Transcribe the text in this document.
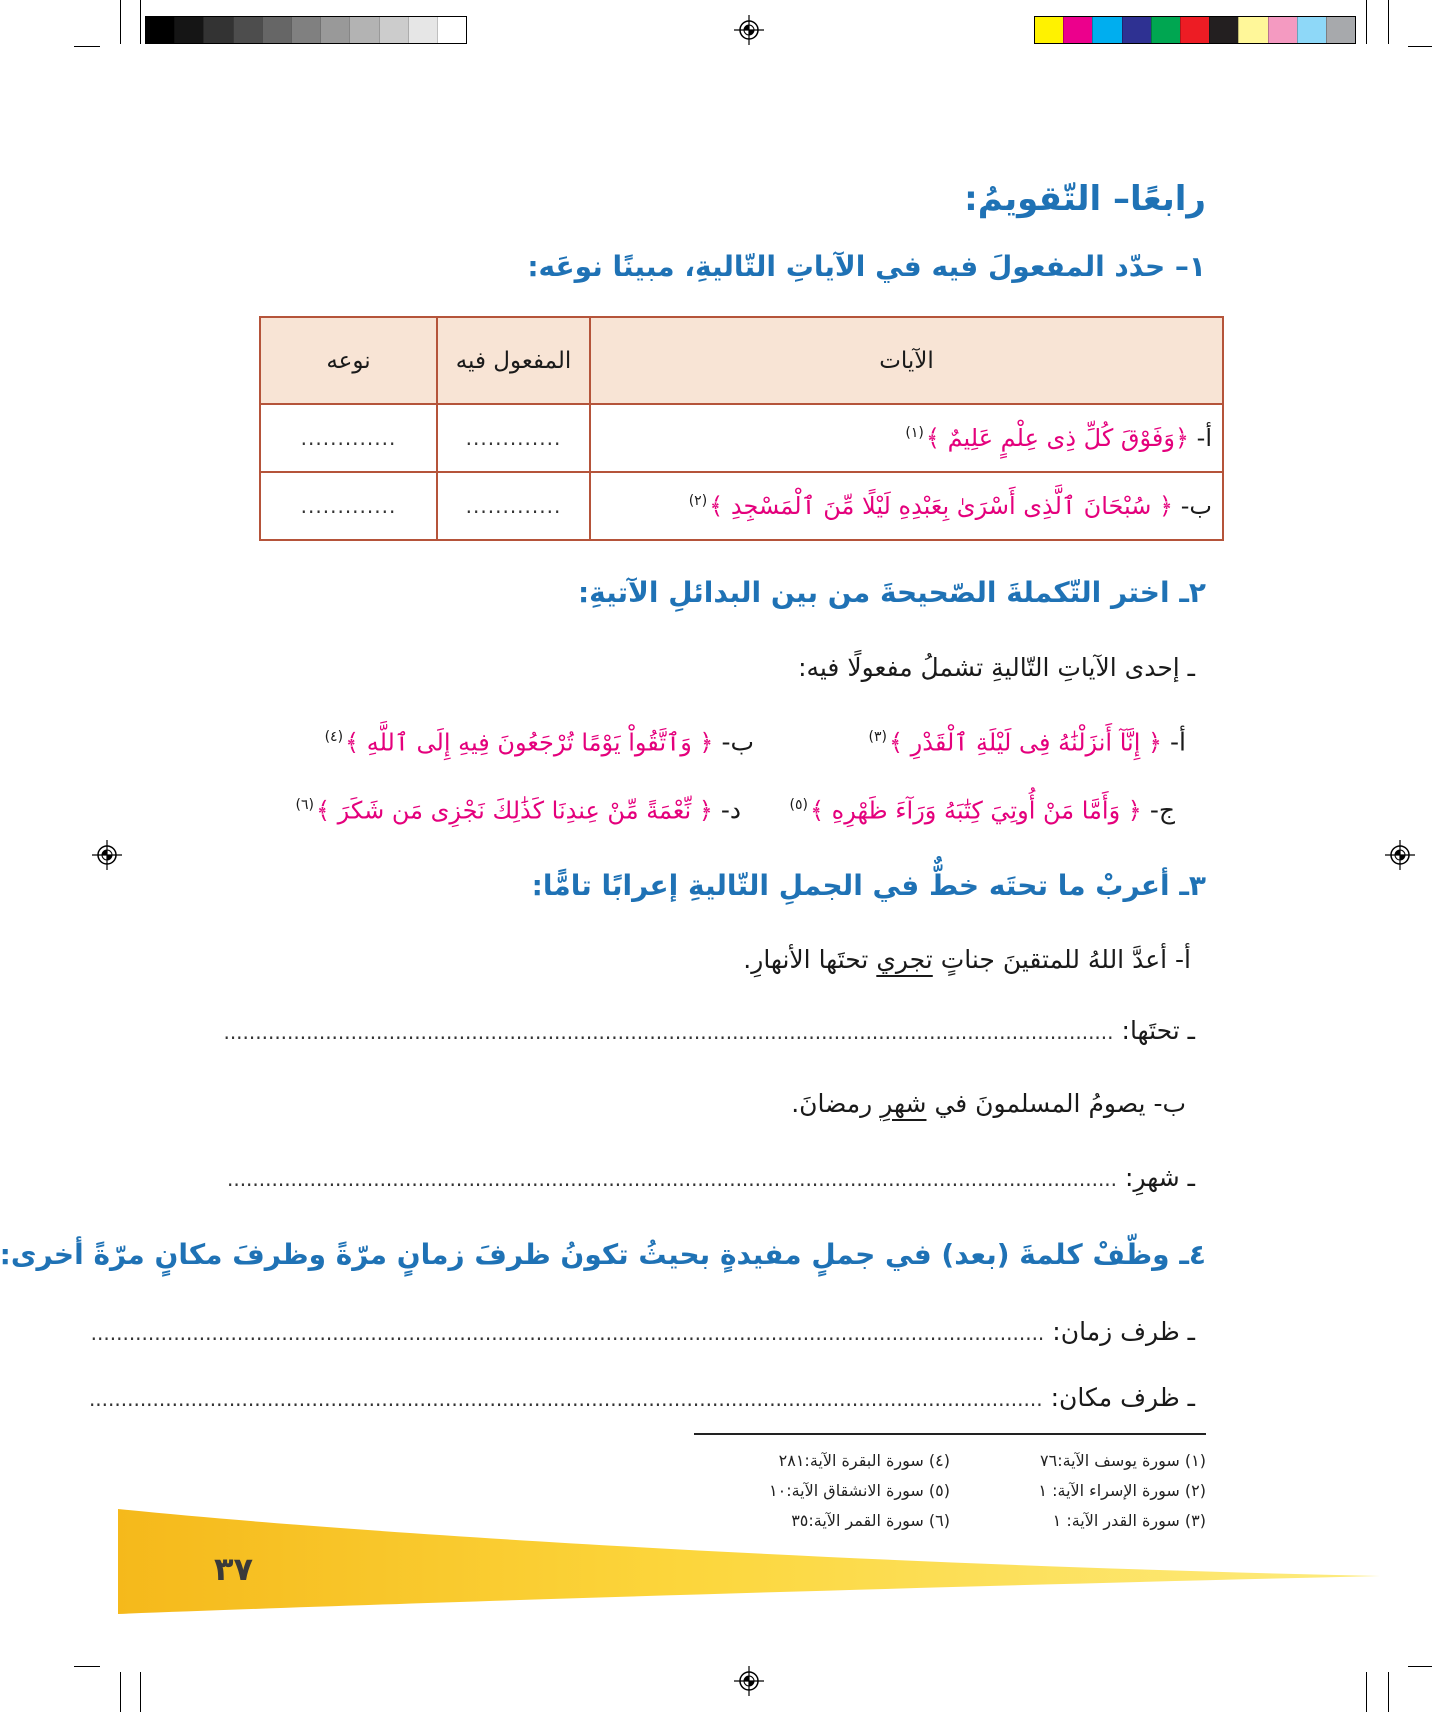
رابعًا– التّقويمُ:
١– حدّد المفعولَ فيه في الآياتِ التّاليةِ، مبينًا نوعَه:
الآيات	المفعول فيه	نوعه
أ- ﴿وَفَوْقَ كُلِّ ذِى عِلْمٍ عَلِيمٌ ﴾$^{(١)}$	.............	.............
ب- ﴿ سُبْحَانَ ٱلَّذِى أَسْرَىٰ بِعَبْدِهِ لَيْلًا مِّنَ ٱلْمَسْجِدِ ﴾$^{(٢)}$	.............	.............
٢ـ اختر التّكملةَ الصّحيحةَ من بين البدائلِ الآتيةِ:
ـ إحدى الآياتِ التّاليةِ تشملُ مفعولًا فيه:
أ- ﴿ إِنَّآ أَنزَلْنَٰهُ فِى لَيْلَةِ ٱلْقَدْرِ ﴾$^{(٣)}$
ب- ﴿ وَٱتَّقُواْ يَوْمًا تُرْجَعُونَ فِيهِ إِلَى ٱللَّهِ ﴾$^{(٤)}$
ج- ﴿ وَأَمَّا مَنْ أُوتِيَ كِتَٰبَهُ وَرَآءَ ظَهْرِهِ ﴾$^{(٥)}$
د- ﴿ نِّعْمَةً مِّنْ عِندِنَا كَذَٰلِكَ نَجْزِى مَن شَكَرَ ﴾$^{(٦)}$
٣ـ أعربْ ما تحتَه خطٌّ في الجملِ التّاليةِ إعرابًا تامًّا:
أ- أعدَّ اللهُ للمتقينَ جناتٍ تجري تحتَها الأنهارِ.
ـ تحتَها:
............................................................................................................................................
ب- يصومُ المسلمونَ في شهرِ رمضانَ.
ـ شهرِ:
............................................................................................................................................
٤ـ وظّفْ كلمةَ (بعد) في جملٍ مفيدةٍ بحيثُ تكونُ ظرفَ زمانٍ مرّةً وظرفَ مكانٍ مرّةً أخرى:
ـ ظرف زمان:
......................................................................................................................................................
ـ ظرف مكان:
......................................................................................................................................................
(١) سورة يوسف الآية:٧٦
(٢) سورة الإسراء الآية: ١
(٣) سورة القدر الآية: ١
(٤) سورة البقرة الآية:٢٨١
(٥) سورة الانشقاق الآية:١٠
(٦) سورة القمر الآية:٣٥
٣٧
